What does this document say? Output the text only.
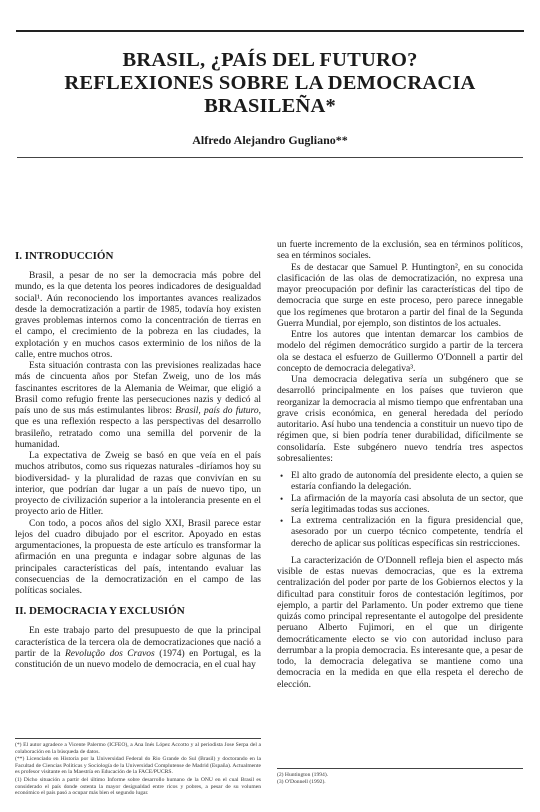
BRASIL, ¿PAÍS DEL FUTURO?
REFLEXIONES SOBRE LA DEMOCRACIA
BRASILEÑA*
Alfredo Alejandro Gugliano**
I. INTRODUCCIÓN

Brasil, a pesar de no ser la democracia más pobre del mundo, es la que detenta los peores indicadores de desigualdad social¹. Aún reconociendo los importantes avances realizados desde la democratización a partir de 1985, todavía hoy existen graves problemas internos como la concentración de tierras en el campo, el crecimiento de la pobreza en las ciudades, la explotación y en muchos casos exterminio de los niños de la calle, entre muchos otros.

Esta situación contrasta con las previsiones realizadas hace más de cincuenta años por Stefan Zweig, uno de los más fascinantes escritores de la Alemania de Weimar, que eligió a Brasil como refugio frente las persecuciones nazis y dedicó al país uno de sus más estimulantes libros: Brasil, país do futuro, que es una reflexión respecto a las perspectivas del desarrollo brasileño, retratado como una semilla del porvenir de la humanidad.

La expectativa de Zweig se basó en que veía en el país muchos atributos, como sus riquezas naturales -diríamos hoy su biodiversidad- y la pluralidad de razas que convivían en su interior, que podrían dar lugar a un país de nuevo tipo, un proyecto de civilización superior a la intolerancia presente en el proyecto ario de Hitler.

Con todo, a pocos años del siglo XXI, Brasil parece estar lejos del cuadro dibujado por el escritor. Apoyado en estas argumentaciones, la propuesta de este artículo es transformar la afirmación en una pregunta e indagar sobre algunas de las principales características del país, intentando evaluar las consecuencias de la democratización en el campo de las políticas sociales.

II. DEMOCRACIA Y EXCLUSIÓN

En este trabajo parto del presupuesto de que la principal característica de la tercera ola de democratizaciones que nació a partir de la Revolução dos Cravos (1974) en Portugal, es la constitución de un nuevo modelo de democracia, en el cual hay

un fuerte incremento de la exclusión, sea en términos políticos, sea en términos sociales.

Es de destacar que Samuel P. Huntington², en su conocida clasificación de las olas de democratización, no expresa una mayor preocupación por definir las características del tipo de democracia que surge en este proceso, pero parece innegable que los regímenes que brotaron a partir del final de la Segunda Guerra Mundial, por ejemplo, son distintos de los actuales.

Entre los autores que intentan demarcar los cambios de modelo del régimen democrático surgido a partir de la tercera ola se destaca el esfuerzo de Guillermo O'Donnell a partir del concepto de democracia delegativa³.

Una democracia delegativa sería un subgénero que se desarrolló principalmente en los países que tuvieron que reorganizar la democracia al mismo tiempo que enfrentaban una grave crisis económica, en general heredada del período autoritario. Así hubo una tendencia a constituir un nuevo tipo de régimen que, si bien podría tener durabilidad, difícilmente se consolidaría. Este subgénero nuevo tendría tres aspectos sobresalientes:

• El alto grado de autonomía del presidente electo, a quien se estaría confiando la delegación.
• La afirmación de la mayoría casi absoluta de un sector, que sería legitimadas todas sus acciones.
• La extrema centralización en la figura presidencial que, asesorado por un cuerpo técnico competente, tendría el derecho de aplicar sus políticas específicas sin restricciones.

La caracterización de O'Donnell refleja bien el aspecto más visible de estas nuevas democracias, que es la extrema centralización del poder por parte de los Gobiernos electos y la dificultad para constituir foros de contestación legítimos, por ejemplo, a partir del Parlamento. Un poder extremo que tiene quizás como principal representante el autogolpe del presidente peruano Alberto Fujimori, en el que un dirigente democráticamente electo se vio con autoridad incluso para derrumbar a la propia democracia. Es interesante que, a pesar de todo, la democracia delegativa se mantiene como una democracia en la medida en que ella respeta el derecho de elección.

(*) El autor agradece a Vicente Palermo (ICFEO), a Ana Inés López Accotto y al periodista Jose Serpa del a colaboración en la búsqueda de datos.

(**) Licenciado en Historia por la Universidad Federal do Rio Grande do Sul (Brasil) y doctorando en la Facultad de Ciencias Políticas y Sociología de la Universidad Complutense de Madrid (España). Actualmente es profesor visitante en la Maestría en Educación de la FACE/PUCRS.

(1) Dicho situación a partir del último Informe sobre desarrollo humano de la ONU en el cual Brasil es considerado el país donde ostenta la mayor desigualdad entre ricos y pobres, a pesar de su volumen económico el país pasó a ocupar más bien el segundo lugar.

(2) Huntington (1994).

(3) O'Donnell (1992).
